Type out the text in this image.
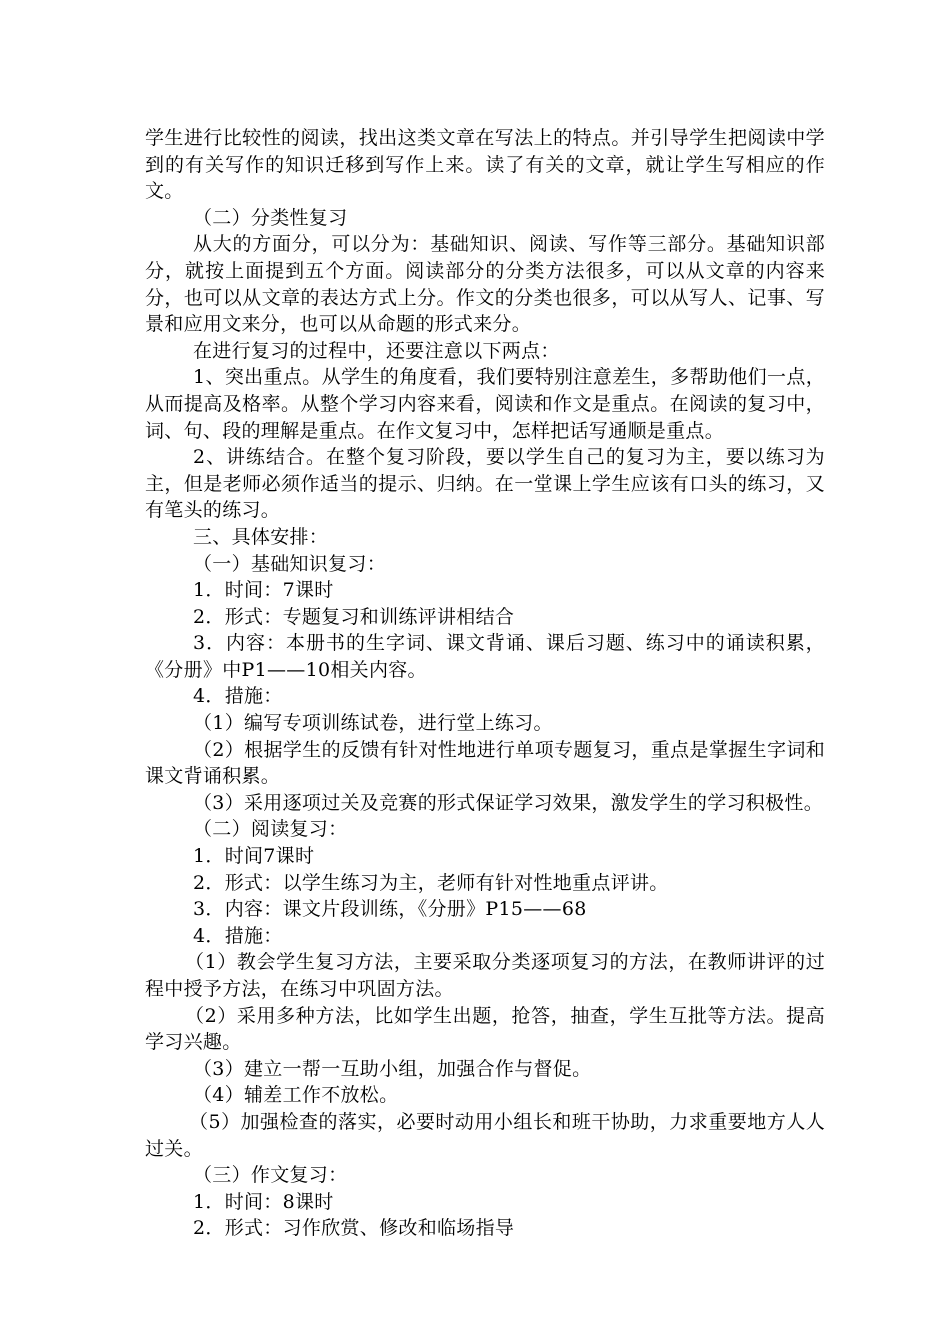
学生进行比较性的阅读，找出这类文章在写法上的特点。并引导学生把阅读中学到的有关写作的知识迁移到写作上来。读了有关的文章，就让学生写相应的作文。

（二）分类性复习

从大的方面分，可以分为：基础知识、阅读、写作等三部分。基础知识部分，就按上面提到五个方面。阅读部分的分类方法很多，可以从文章的内容来分，也可以从文章的表达方式上分。作文的分类也很多，可以从写人、记事、写景和应用文来分，也可以从命题的形式来分。

在进行复习的过程中，还要注意以下两点：

1、突出重点。从学生的角度看，我们要特别注意差生，多帮助他们一点，从而提高及格率。从整个学习内容来看，阅读和作文是重点。在阅读的复习中，词、句、段的理解是重点。在作文复习中，怎样把话写通顺是重点。

2、讲练结合。在整个复习阶段，要以学生自己的复习为主，要以练习为主，但是老师必须作适当的提示、归纳。在一堂课上学生应该有口头的练习，又有笔头的练习。

三、具体安排：

（一）基础知识复习：

1．时间：7课时

2．形式：专题复习和训练评讲相结合

3．内容：本册书的生字词、课文背诵、课后习题、练习中的诵读积累，《分册》中P1——10相关内容。

4．措施：

（1）编写专项训练试卷，进行堂上练习。

（2）根据学生的反馈有针对性地进行单项专题复习，重点是掌握生字词和课文背诵积累。

（3）采用逐项过关及竞赛的形式保证学习效果，激发学生的学习积极性。

（二）阅读复习：

1．时间7课时

2．形式：以学生练习为主，老师有针对性地重点评讲。

3．内容：课文片段训练，《分册》P15——68

4．措施：

（1）教会学生复习方法，主要采取分类逐项复习的方法，在教师讲评的过程中授予方法，在练习中巩固方法。

（2）采用多种方法，比如学生出题，抢答，抽查，学生互批等方法。提高学习兴趣。

（3）建立一帮一互助小组，加强合作与督促。

（4）辅差工作不放松。

（5）加强检查的落实，必要时动用小组长和班干协助，力求重要地方人人过关。

（三）作文复习：

1．时间：8课时

2．形式：习作欣赏、修改和临场指导
